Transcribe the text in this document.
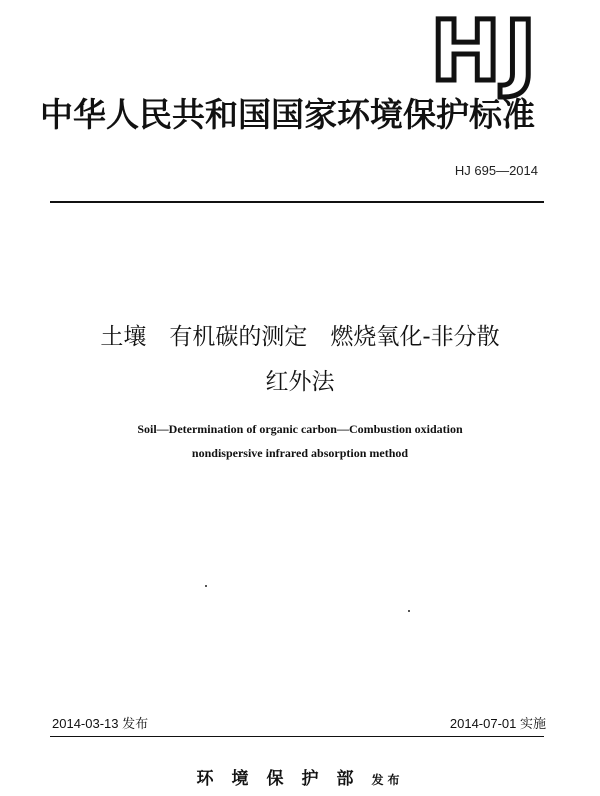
HJ
中华人民共和国国家环境保护标准
HJ 695—2014
土壤　有机碳的测定　燃烧氧化-非分散
红外法
Soil—Determination of organic carbon—Combustion oxidation
nondispersive infrared absorption method
2014-03-13 发布	2014-07-01 实施
环境保护部发布
